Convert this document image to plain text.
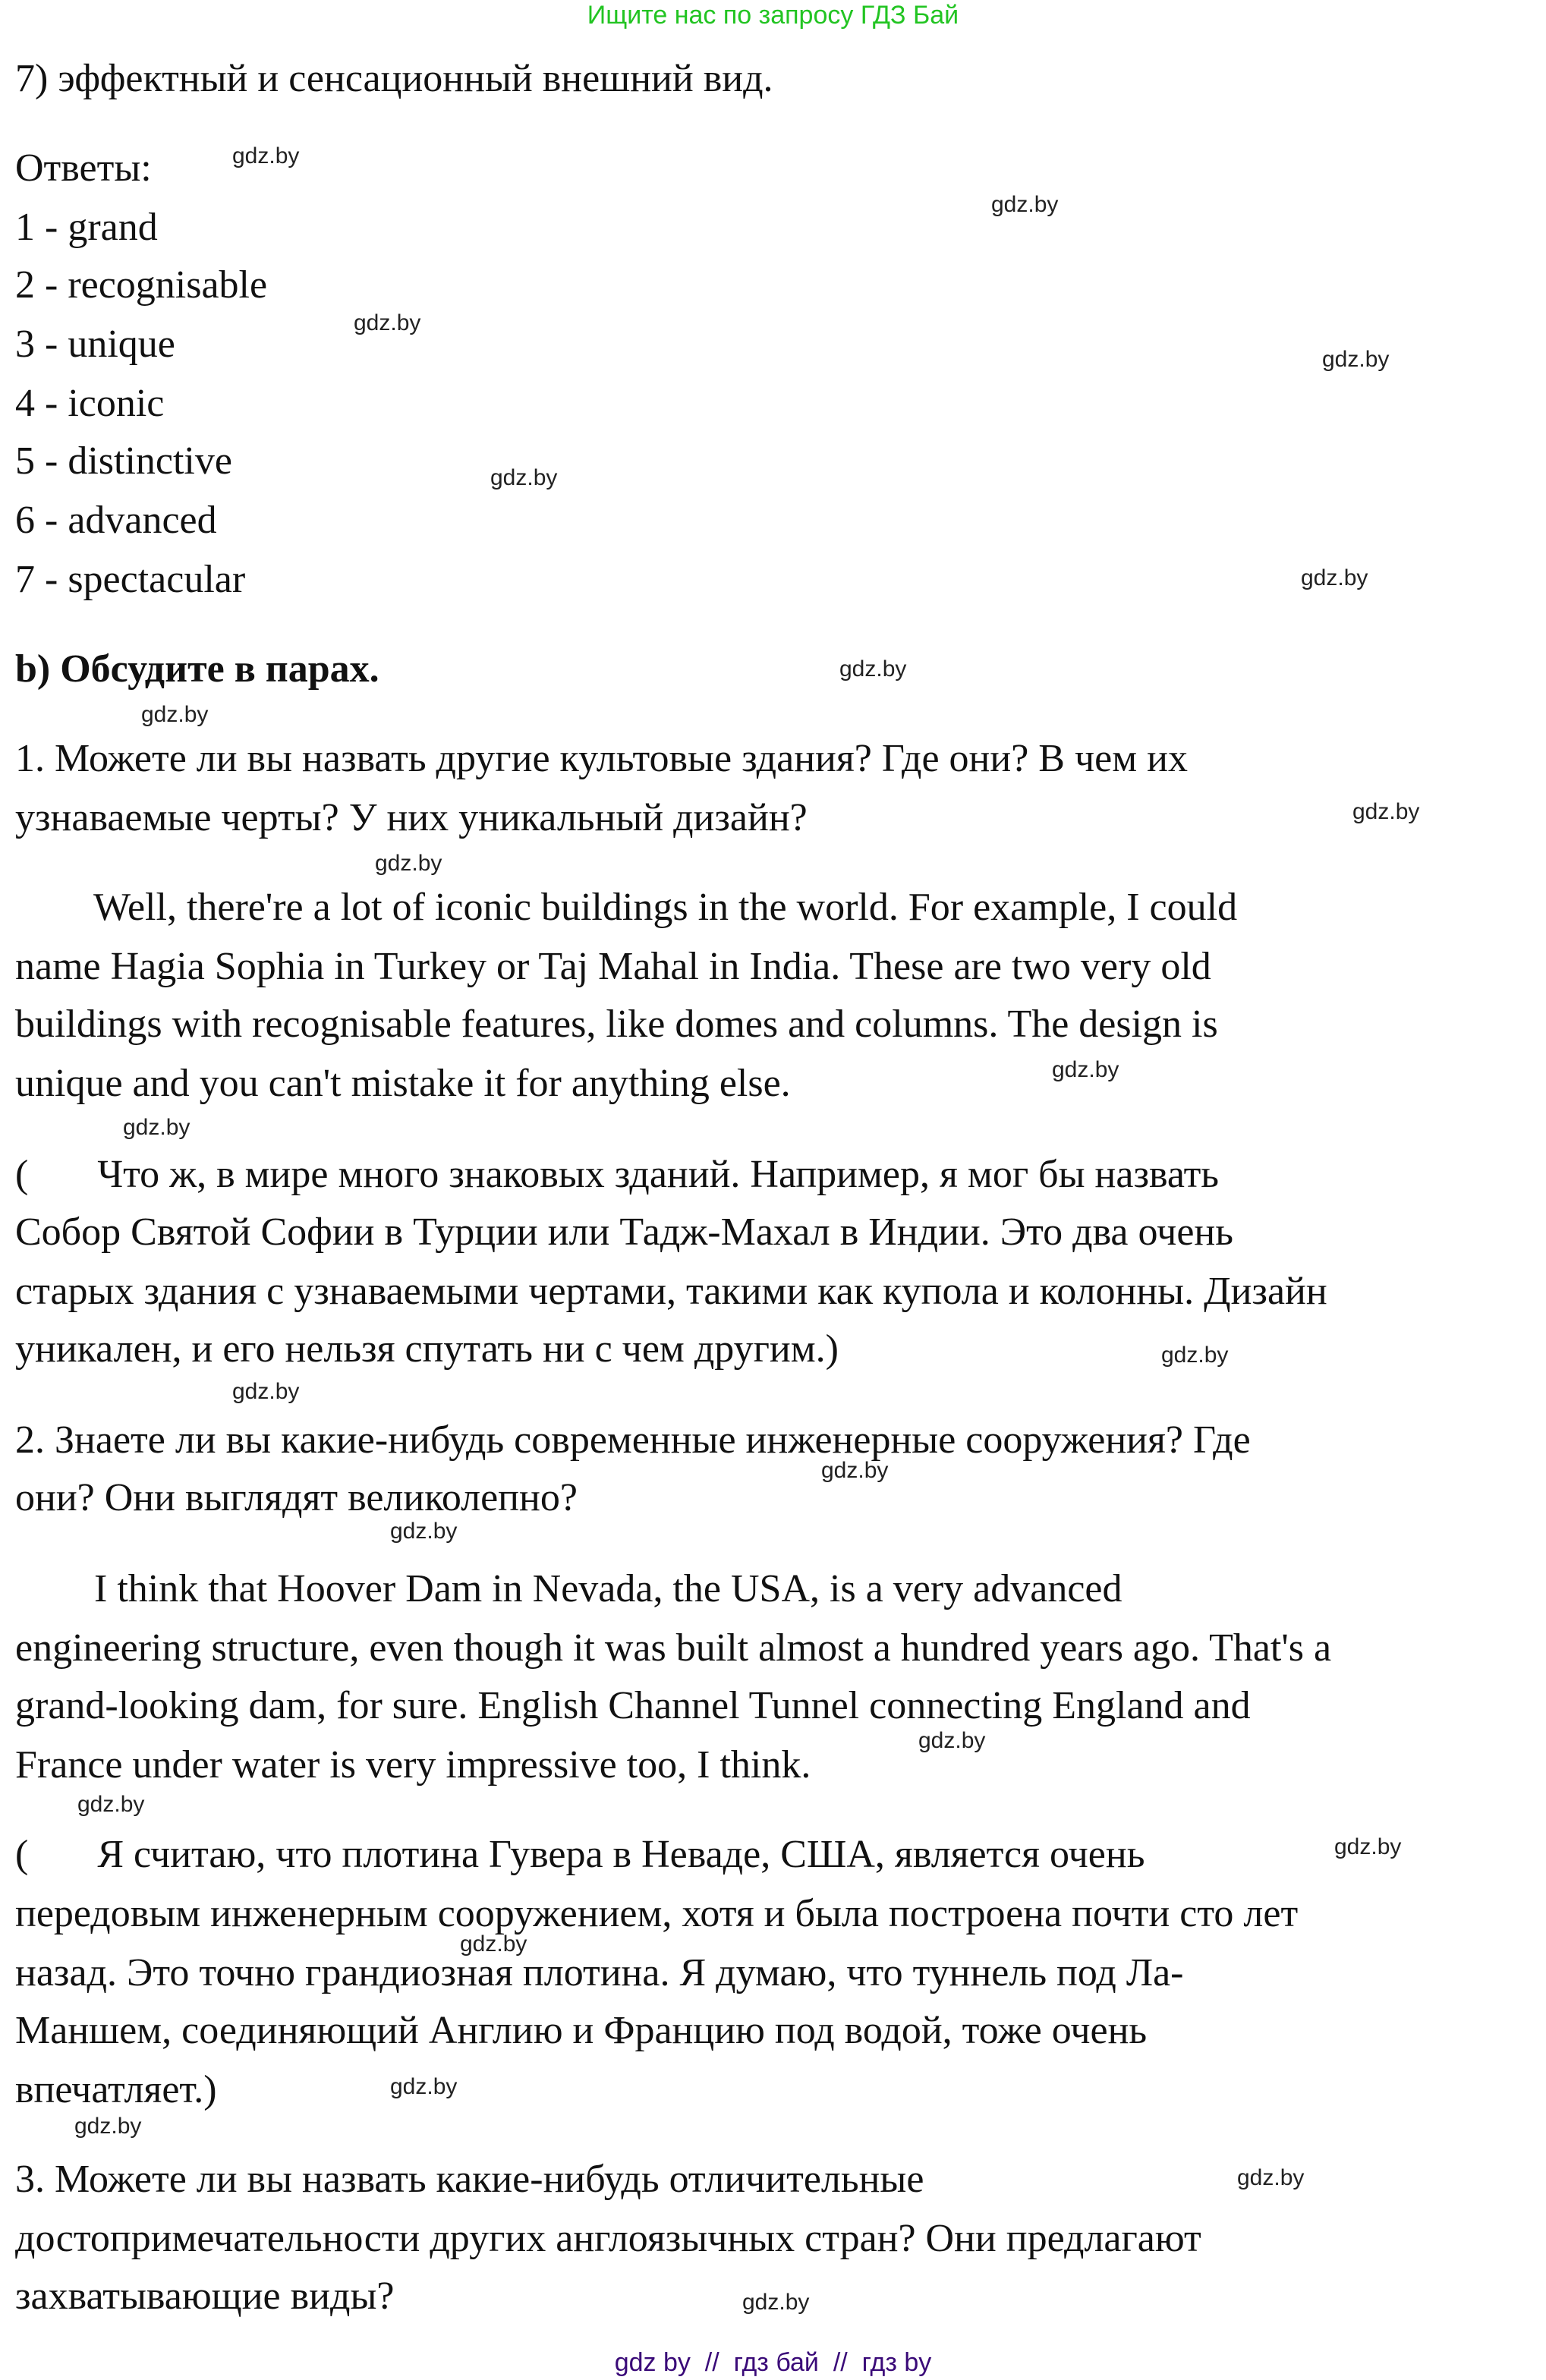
Ищите нас по запросу ГДЗ Бай
7) эффектный и сенсационный внешний вид.
Ответы:
1 - grand
2 - recognisable
3 - unique
4 - iconic
5 - distinctive
6 - advanced
7 - spectacular
b) Обсудите в парах.
1. Можете ли вы назвать другие культовые здания? Где они? В чем их
узнаваемые черты? У них уникальный дизайн?
Well, there're a lot of iconic buildings in the world. For example, I could
name Hagia Sophia in Turkey or Taj Mahal in India. These are two very old
buildings with recognisable features, like domes and columns. The design is
unique and you can't mistake it for anything else.
(       Что ж, в мире много знаковых зданий. Например, я мог бы назвать
Собор Святой Софии в Турции или Тадж-Махал в Индии. Это два очень
старых здания с узнаваемыми чертами, такими как купола и колонны. Дизайн
уникален, и его нельзя спутать ни с чем другим.)
2. Знаете ли вы какие-нибудь современные инженерные сооружения? Где
они? Они выглядят великолепно?
I think that Hoover Dam in Nevada, the USA, is a very advanced
engineering structure, even though it was built almost a hundred years ago. That's a
grand-looking dam, for sure. English Channel Tunnel connecting England and
France under water is very impressive too, I think.
(       Я считаю, что плотина Гувера в Неваде, США, является очень
передовым инженерным сооружением, хотя и была построена почти сто лет
назад. Это точно грандиозная плотина. Я думаю, что туннель под Ла-
Маншем, соединяющий Англию и Францию под водой, тоже очень
впечатляет.)
3. Можете ли вы назвать какие-нибудь отличительные
достопримечательности других англоязычных стран? Они предлагают
захватывающие виды?
gdz.by
gdz.by
gdz.by
gdz.by
gdz.by
gdz.by
gdz.by
gdz.by
gdz.by
gdz.by
gdz.by
gdz.by
gdz.by
gdz.by
gdz.by
gdz.by
gdz.by
gdz.by
gdz.by
gdz.by
gdz.by
gdz.by
gdz.by
gdz.by
gdz by  //  гдз бай  //  гдз by
